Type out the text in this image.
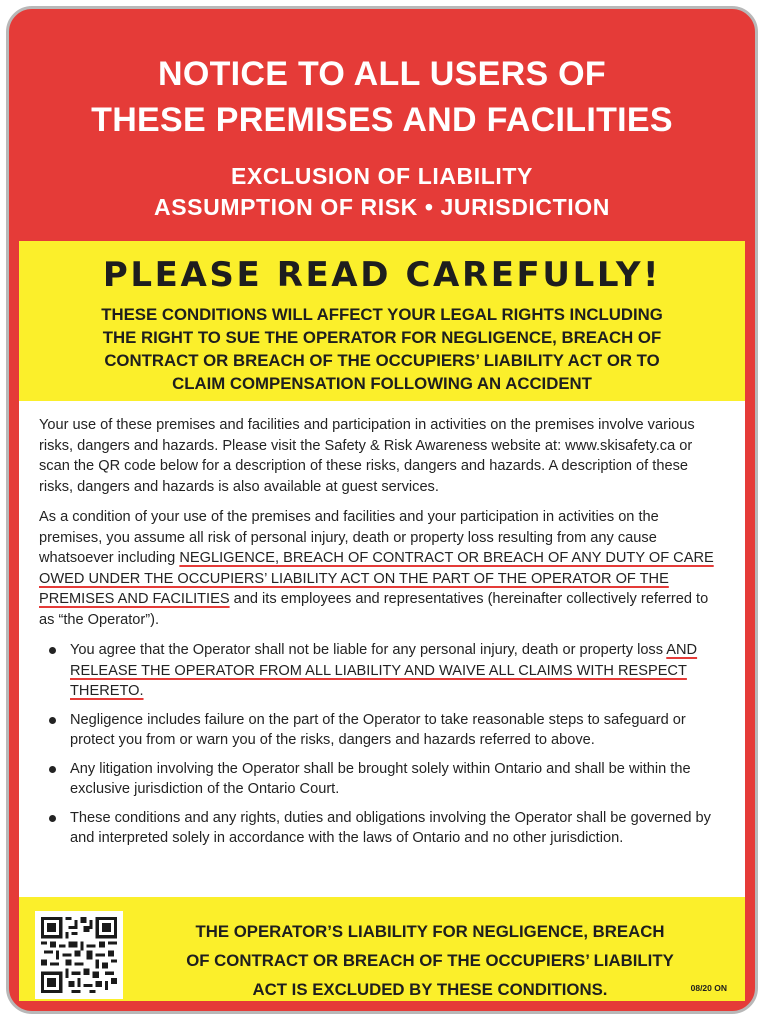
NOTICE TO ALL USERS OF
THESE PREMISES AND FACILITIES
EXCLUSION OF LIABILITY
ASSUMPTION OF RISK • JURISDICTION
PLEASE READ CAREFULLY!
THESE CONDITIONS WILL AFFECT YOUR LEGAL RIGHTS INCLUDING
THE RIGHT TO SUE THE OPERATOR FOR NEGLIGENCE, BREACH OF
CONTRACT OR BREACH OF THE OCCUPIERS’ LIABILITY ACT OR TO
CLAIM COMPENSATION FOLLOWING AN ACCIDENT

Your use of these premises and facilities and participation in activities on the premises involve various risks, dangers and hazards. Please visit the Safety & Risk Awareness website at: www.skisafety.ca or scan the QR code below for a description of these risks, dangers and hazards. A description of these risks, dangers and hazards is also available at guest services.

As a condition of your use of the premises and facilities and your participation in activities on the premises, you assume all risk of personal injury, death or property loss resulting from any cause whatsoever including NEGLIGENCE, BREACH OF CONTRACT OR BREACH OF ANY DUTY OF CARE OWED UNDER THE OCCUPIERS’ LIABILITY ACT ON THE PART OF THE OPERATOR OF THE PREMISES AND FACILITIES and its employees and representatives (hereinafter collectively referred to as “the Operator”).

You agree that the Operator shall not be liable for any personal injury, death or property loss AND RELEASE THE OPERATOR FROM ALL LIABILITY AND WAIVE ALL CLAIMS WITH RESPECT THERETO.
Negligence includes failure on the part of the Operator to take reasonable steps to safeguard or protect you from or warn you of the risks, dangers and hazards referred to above.
Any litigation involving the Operator shall be brought solely within Ontario and shall be within the exclusive jurisdiction of the Ontario Court.
These conditions and any rights, duties and obligations involving the Operator shall be governed by and interpreted solely in accordance with the laws of Ontario and no other jurisdiction.
THE OPERATOR’S LIABILITY FOR NEGLIGENCE, BREACH
OF CONTRACT OR BREACH OF THE OCCUPIERS’ LIABILITY
ACT IS EXCLUDED BY THESE CONDITIONS.	08/20 ON
